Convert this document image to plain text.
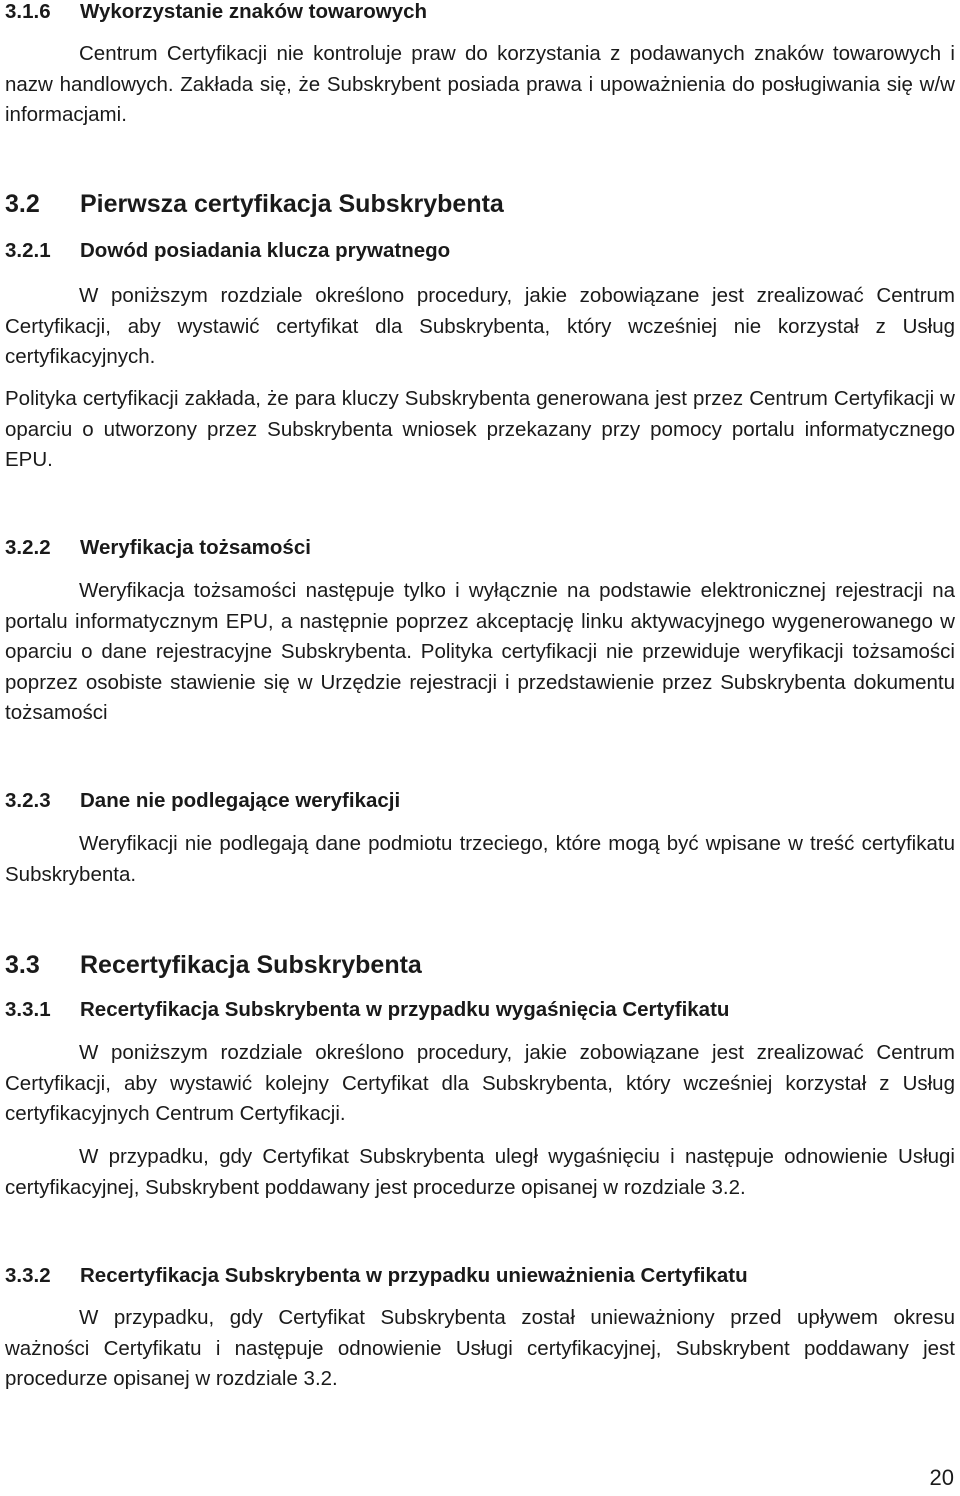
3.1.6	Wykorzystanie znaków towarowych

Centrum Certyfikacji nie kontroluje praw do korzystania z podawanych znaków towarowych i nazw handlowych. Zakłada się, że Subskrybent posiada prawa i upoważnienia do posługiwania się w/w informacjami.

3.2	Pierwsza certyfikacja Subskrybenta
3.2.1	Dowód posiadania klucza prywatnego

W poniższym rozdziale określono procedury, jakie zobowiązane jest zrealizować Centrum Certyfikacji, aby wystawić certyfikat dla Subskrybenta, który wcześniej nie korzystał z Usług certyfikacyjnych.

Polityka certyfikacji zakłada, że para kluczy Subskrybenta generowana jest przez Centrum Certyfikacji w oparciu o utworzony przez Subskrybenta wniosek przekazany przy pomocy portalu informatycznego EPU.

3.2.2	Weryfikacja tożsamości

Weryfikacja tożsamości następuje tylko i wyłącznie na podstawie elektronicznej rejestracji na portalu informatycznym EPU, a następnie poprzez akceptację linku aktywacyjnego wygenerowanego w oparciu o dane rejestracyjne Subskrybenta. Polityka certyfikacji nie przewiduje weryfikacji tożsamości poprzez osobiste stawienie się w Urzędzie rejestracji i przedstawienie przez Subskrybenta dokumentu tożsamości

3.2.3	Dane nie podlegające weryfikacji

Weryfikacji nie podlegają dane podmiotu trzeciego, które mogą być wpisane w treść certyfikatu Subskrybenta.

3.3	Recertyfikacja Subskrybenta
3.3.1	Recertyfikacja Subskrybenta w przypadku wygaśnięcia Certyfikatu

W poniższym rozdziale określono procedury, jakie zobowiązane jest zrealizować Centrum Certyfikacji, aby wystawić kolejny Certyfikat dla Subskrybenta, który wcześniej korzystał z Usług certyfikacyjnych Centrum Certyfikacji.

W przypadku, gdy Certyfikat Subskrybenta uległ wygaśnięciu i następuje odnowienie Usługi certyfikacyjnej, Subskrybent poddawany jest procedurze opisanej w rozdziale 3.2.

3.3.2	Recertyfikacja Subskrybenta w przypadku unieważnienia Certyfikatu

W przypadku, gdy Certyfikat Subskrybenta został unieważniony przed upływem okresu ważności Certyfikatu i następuje odnowienie Usługi certyfikacyjnej, Subskrybent poddawany jest procedurze opisanej w rozdziale 3.2.

20
